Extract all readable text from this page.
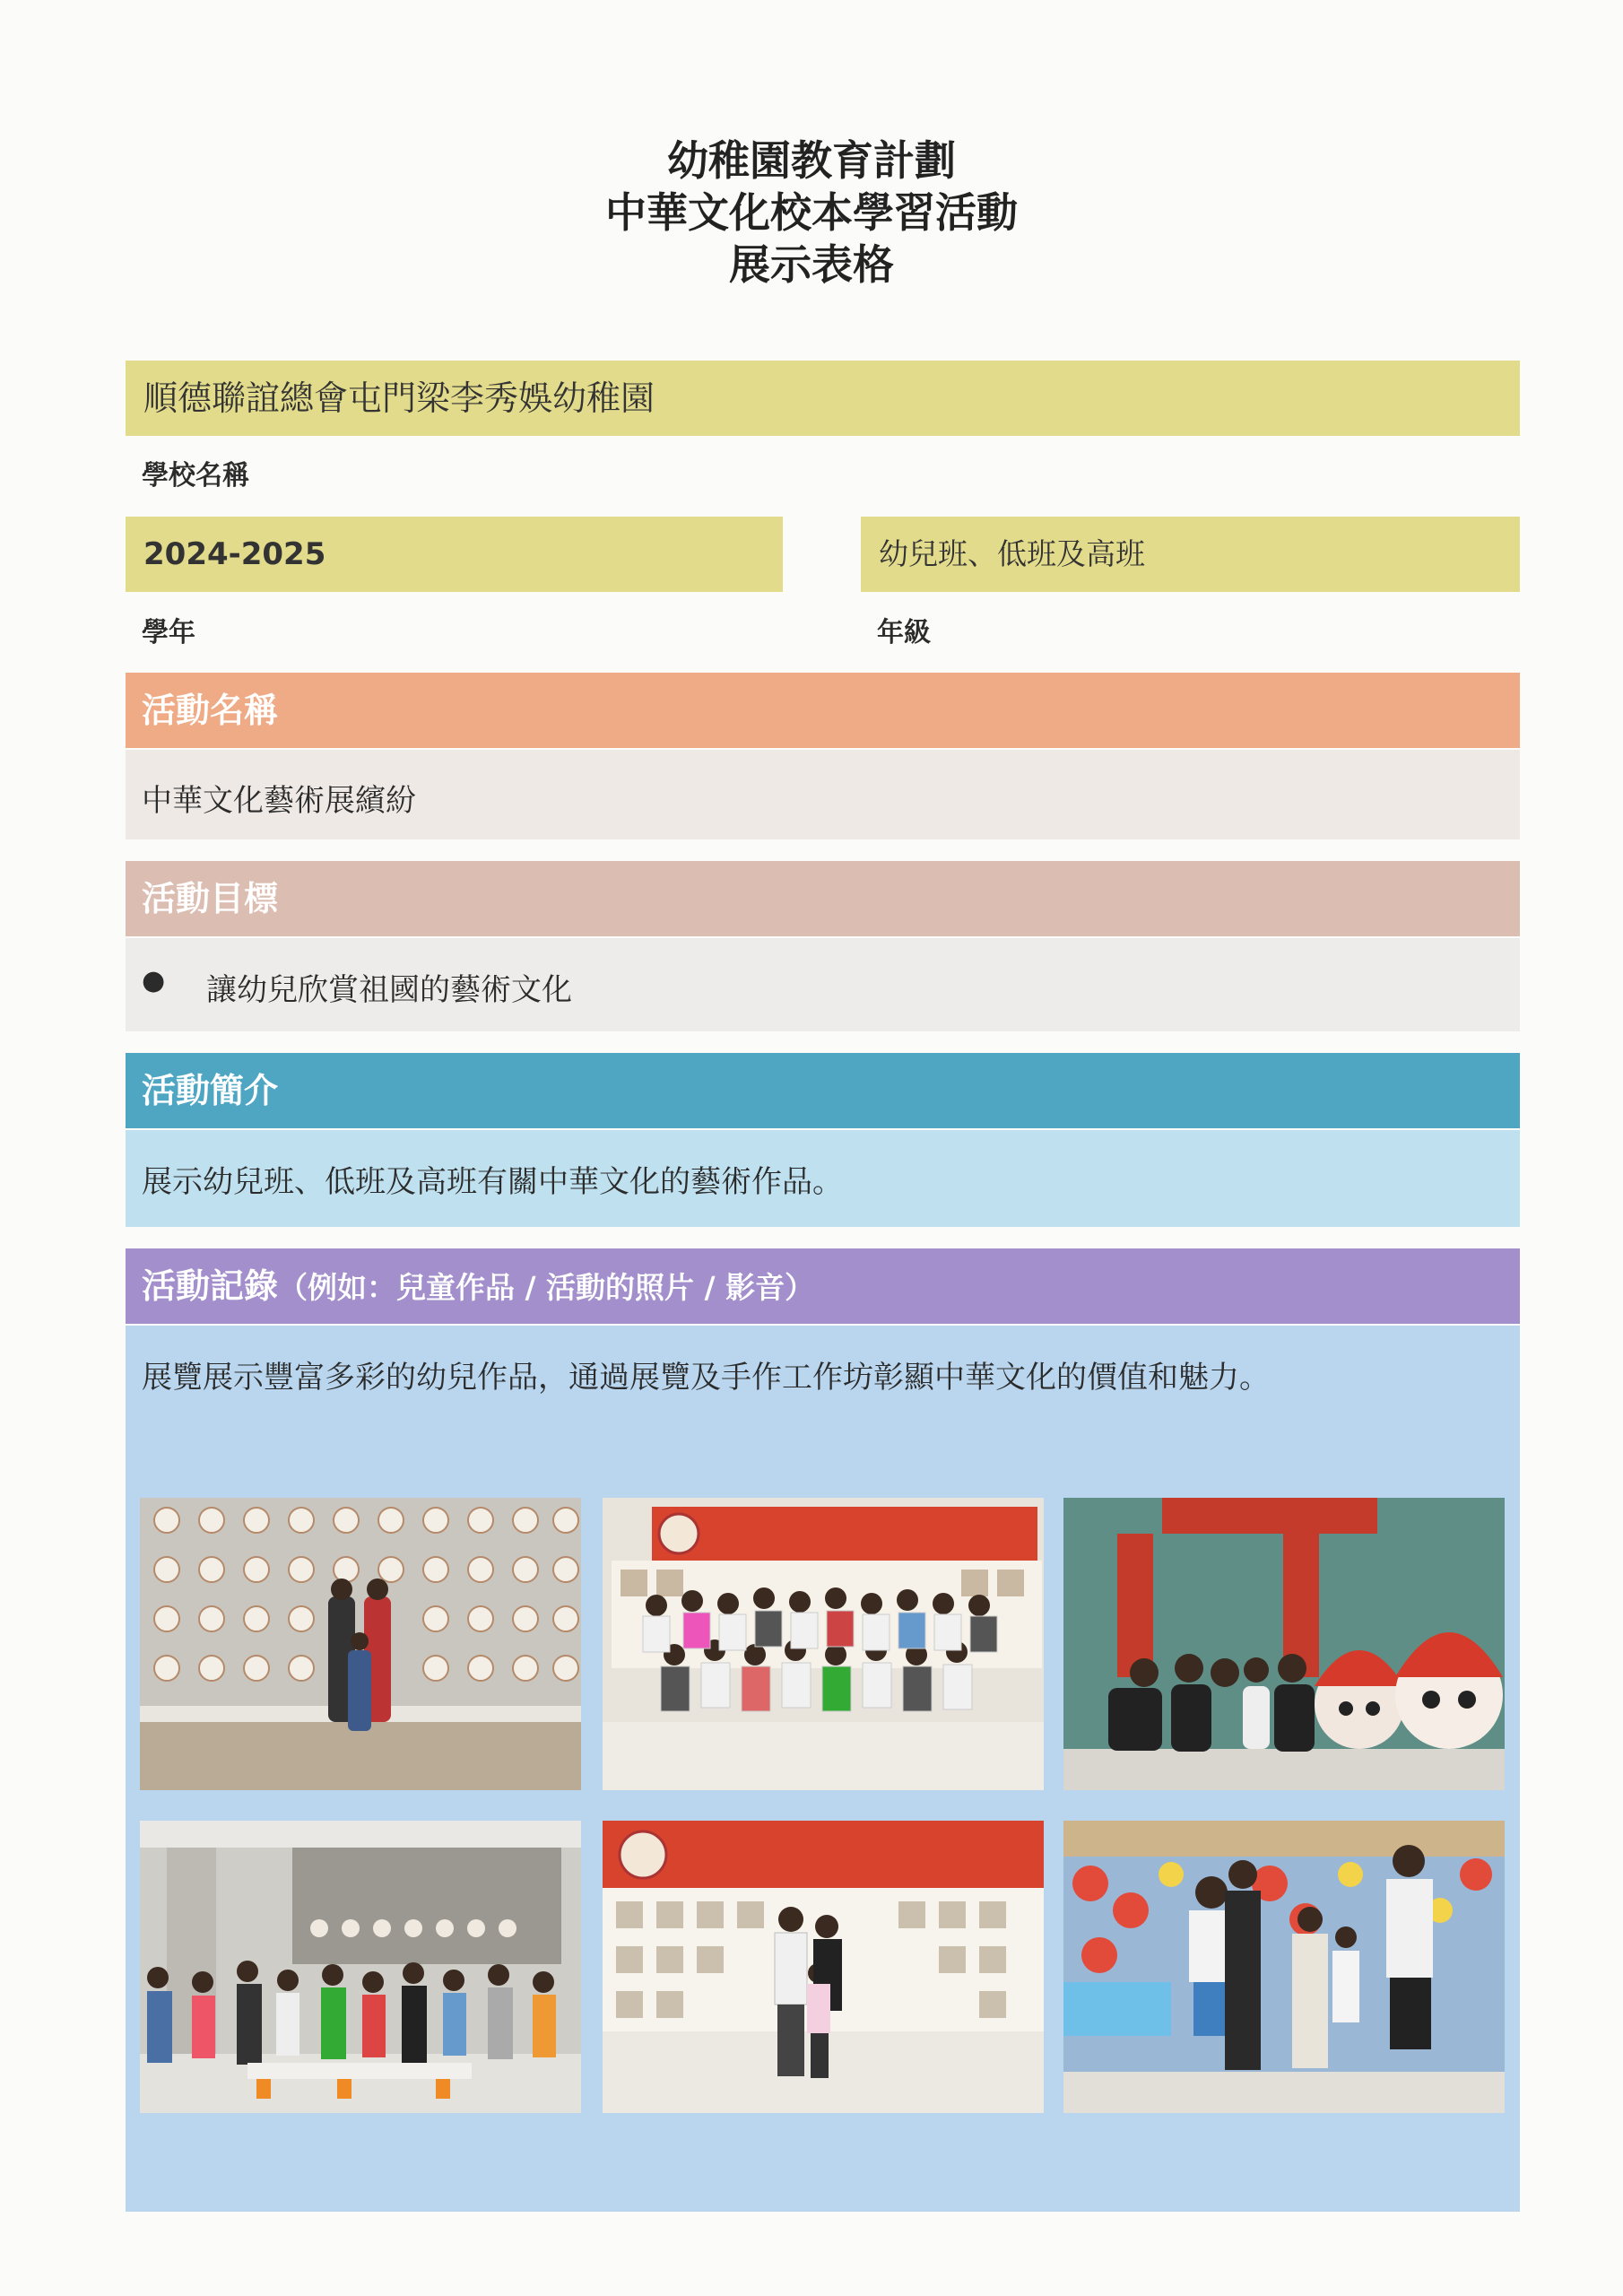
幼稚園教育計劃
中華文化校本學習活動
展示表格
順德聯誼總會屯門梁李秀娛幼稚園
學校名稱
2024-2025
學年
幼兒班、低班及高班
年級
活動名稱
中華文化藝術展繽紛
活動目標
● 讓幼兒欣賞祖國的藝術文化
活動簡介
展示幼兒班、低班及高班有關中華文化的藝術作品。
活動記錄（例如：兒童作品 / 活動的照片 / 影音）
展覽展示豐富多彩的幼兒作品，通過展覽及手作工作坊彰顯中華文化的價值和魅力。
